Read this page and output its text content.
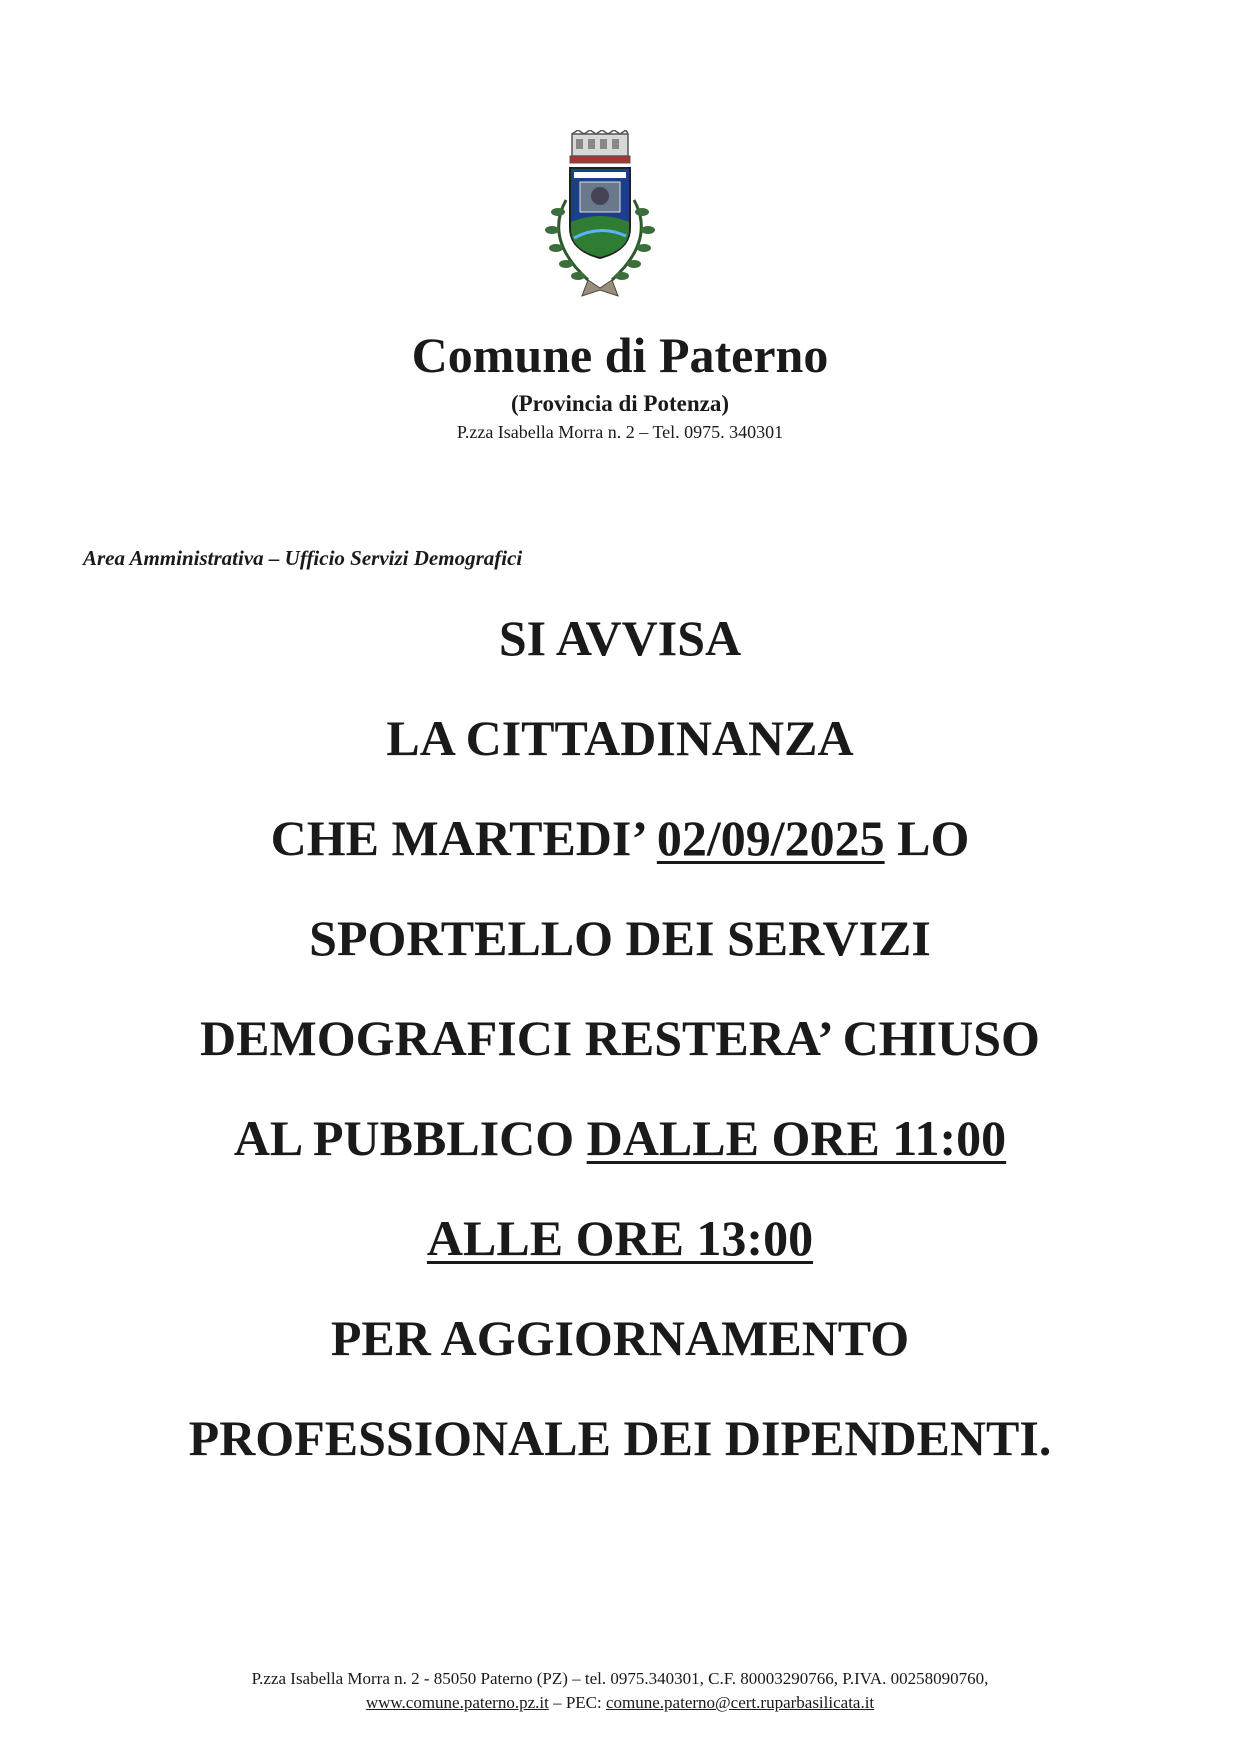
Comune di Paterno
(Provincia di Potenza)
P.zza Isabella Morra n. 2 – Tel. 0975. 340301
Area Amministrativa – Ufficio Servizi Demografici
SI AVVISA
LA CITTADINANZA
CHE MARTEDI’ 02/09/2025 LO
SPORTELLO DEI SERVIZI
DEMOGRAFICI RESTERA’ CHIUSO
AL PUBBLICO DALLE ORE 11:00
ALLE ORE 13:00
PER AGGIORNAMENTO
PROFESSIONALE DEI DIPENDENTI.
P.zza Isabella Morra n. 2 - 85050 Paterno (PZ) – tel. 0975.340301, C.F. 80003290766, P.IVA. 00258090760,
www.comune.paterno.pz.it – PEC: comune.paterno@cert.ruparbasilicata.it
